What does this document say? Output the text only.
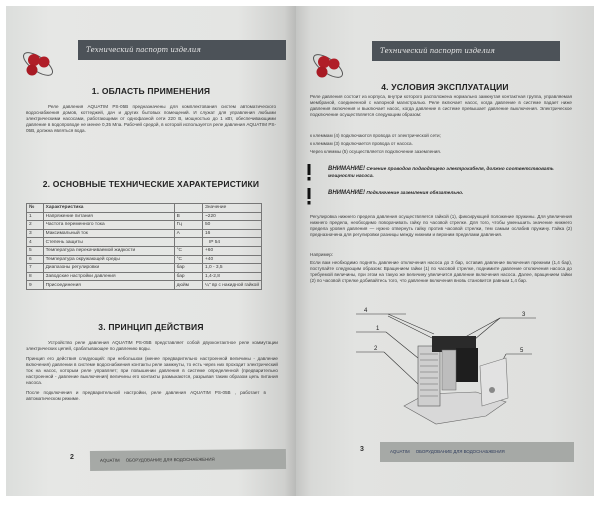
Технический паспорт изделия
1. ОБЛАСТЬ ПРИМЕНЕНИЯ
Реле давления AQUATIM PS-05B предназначены для комплектования систем автоматического водоснабжения домов, коттеджей, дач и других бытовых помещений. И служат для управления любыми электрическими насосами, работающими от однофазной сети 220 В, мощностью до 1 кВт, обеспечивающими давление в водопроводе не менее 0,35 Мпа. Рабочей средой, в которой используется реле давления AQUATIM PS-05B, должна являться вода.
2. ОСНОВНЫЕ ТЕХНИЧЕСКИЕ ХАРАКТЕРИСТИКИ
№	Характеристика		Значение
1	Напряжение питания	В	~220
2	Частота переменного тока	Гц	50
3	Максимальный ток	А	16
4	Степень защиты		IP 54
5	Температура перекачиваемой жидкости	°С	+60
6	Температура окружающей среды	°С	+40
7	Диапазоны регулировки	бар	1,0 - 3,5
8	Заводские настройки давления	бар	1,4-2,8
9	Присоединения	дюйм	¼" вр с накидной гайкой
3. ПРИНЦИП ДЕЙСТВИЯ
Устройство реле давления AQUATIM PS-05B представляет собой двухконтактное реле коммутации электрических цепей, срабатывающее по давлению воды.
Принцип его действия следующий: при небольшом (менее предварительно настроенной величины - давление включения) давлении в системе водоснабжения контакты реле замкнуты, то есть через них проходит электрический ток на насос, которым реле управляет; при повышении давления в системе определенной (предварительно настроенной - давление выключения) величины его контакты размыкаются, разрывая таким образом цепь питания насоса.
После подключения и предварительной настройки, реле давления AQUATIM PS-05B , работает в автоматическом режиме.
2	AQUATIM ОБОРУДОВАНИЕ ДЛЯ ВОДОСНАБЖЕНИЯ
Технический паспорт изделия
4. УСЛОВИЯ ЭКСПЛУАТАЦИИ
Реле давления состоит из корпуса, внутри которого расположена нормально замкнутая контактная группа, управляемая мембраной, соединенной с напорной магистралью. Реле включает насос, когда давление в системе падает ниже давления включения и выключает насос, когда давление в системе превышает давление выключения. Электрическое подключение осуществляется следующим образом:
к клеммам (4) подключаются провода от электрической сети;
к клеммам (3) подключается провода от насоса.
Через клеммы (5) осуществляется подключение заземления.
ВНИМАНИЕ! Сечение проводов подводящего электрокабеля, должно соответствовать мощности насоса.
ВНИМАНИЕ! Подключение заземления обязательно.
Регулировка нижнего предела давления осуществляется гайкой (1), фиксирующей положение пружины. Для увеличения нижнего предела, необходимо поворачивать гайку по часовой стрелке. Для того, чтобы уменьшить значение нижнего предела уровня давления — нужно отвернуть гайку против часовой стрелки, тем самым ослабив пружину. Гайка (2) предназначена для регулировки разницы между нижним и верхним пределами давления.
Например:
Если вам необходимо поднять давление отключения насоса до 3 бар, оставив давление включения прежним (1,4 бар), поступайте следующим образом: Вращением гайки (1) по часовой стрелке, поднимите давление отключения насоса до требуемой величины, при этом на такую же величину увеличится давление включения насоса. Далее, вращением гайки (2) по часовой стрелке добивайтесь того, что давление включения вновь становится равным 1,4 бар.
4
1
2
3
5
3	AQUATIM ОБОРУДОВАНИЕ ДЛЯ ВОДОСНАБЖЕНИЯ
